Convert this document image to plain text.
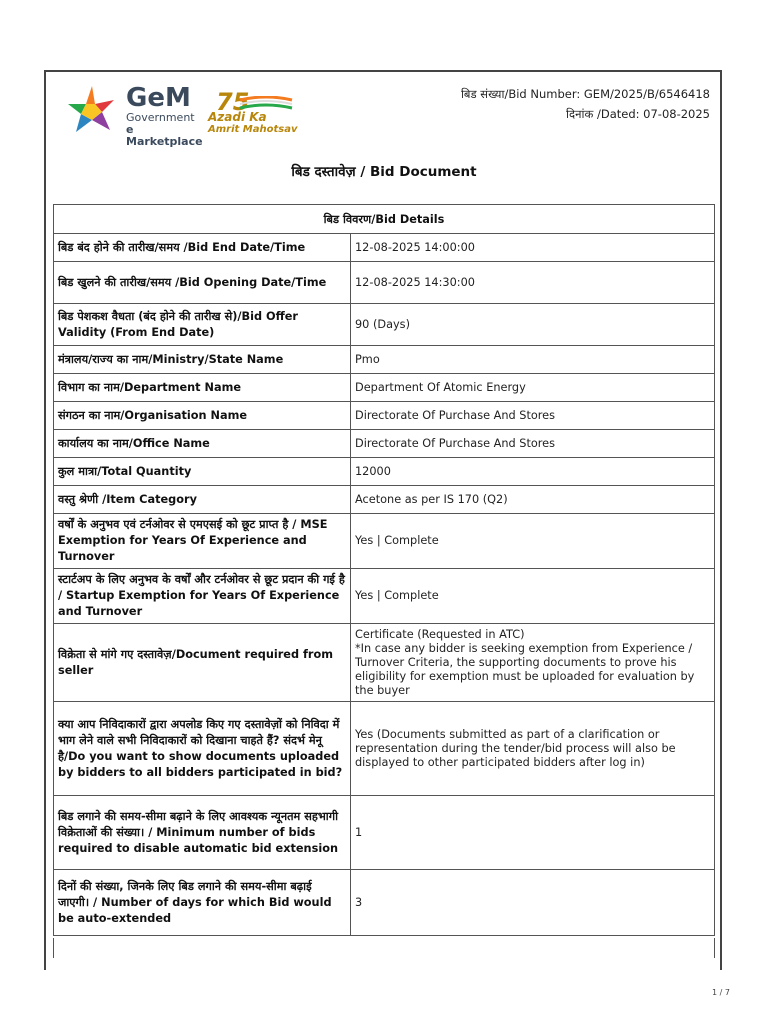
GeM
Government
e Marketplace
75
Azadi Ka
Amrit Mahotsav
बिड संख्या/Bid Number: GEM/2025/B/6546418
दिनांक /Dated: 07-08-2025
बिड दस्तावेज़ / Bid Document
बिड विवरण/Bid Details	
बिड बंद होने की तारीख/समय /Bid End Date/Time	12-08-2025 14:00:00
बिड खुलने की तारीख/समय /Bid Opening Date/Time	12-08-2025 14:30:00
बिड पेशकश वैधता (बंद होने की तारीख से)/Bid Offer Validity (From End Date)	90 (Days)
मंत्रालय/राज्य का नाम/Ministry/State Name	Pmo
विभाग का नाम/Department Name	Department Of Atomic Energy
संगठन का नाम/Organisation Name	Directorate Of Purchase And Stores
कार्यालय का नाम/Office Name	Directorate Of Purchase And Stores
कुल मात्रा/Total Quantity	12000
वस्तु श्रेणी /Item Category	Acetone as per IS 170 (Q2)
वर्षों के अनुभव एवं टर्नओवर से एमएसई को छूट प्राप्त है / MSE Exemption for Years Of Experience and Turnover	Yes | Complete
स्टार्टअप के लिए अनुभव के वर्षों और टर्नओवर से छूट प्रदान की गई है / Startup Exemption for Years Of Experience and Turnover	Yes | Complete
विक्रेता से मांगे गए दस्तावेज़/Document required from seller	Certificate (Requested in ATC)
*In case any bidder is seeking exemption from Experience / Turnover Criteria, the supporting documents to prove his eligibility for exemption must be uploaded for evaluation by the buyer
क्या आप निविदाकारों द्वारा अपलोड किए गए दस्तावेज़ों को निविदा में भाग लेने वाले सभी निविदाकारों को दिखाना चाहते हैं? संदर्भ मेनू है/Do you want to show documents uploaded by bidders to all bidders participated in bid?	Yes (Documents submitted as part of a clarification or representation during the tender/bid process will also be displayed to other participated bidders after log in)
बिड लगाने की समय-सीमा बढ़ाने के लिए आवश्यक न्यूनतम सहभागी विक्रेताओं की संख्या। / Minimum number of bids required to disable automatic bid extension	1
दिनों की संख्या, जिनके लिए बिड लगाने की समय-सीमा बढ़ाई जाएगी। / Number of days for which Bid would be auto-extended	3
1 / 7
